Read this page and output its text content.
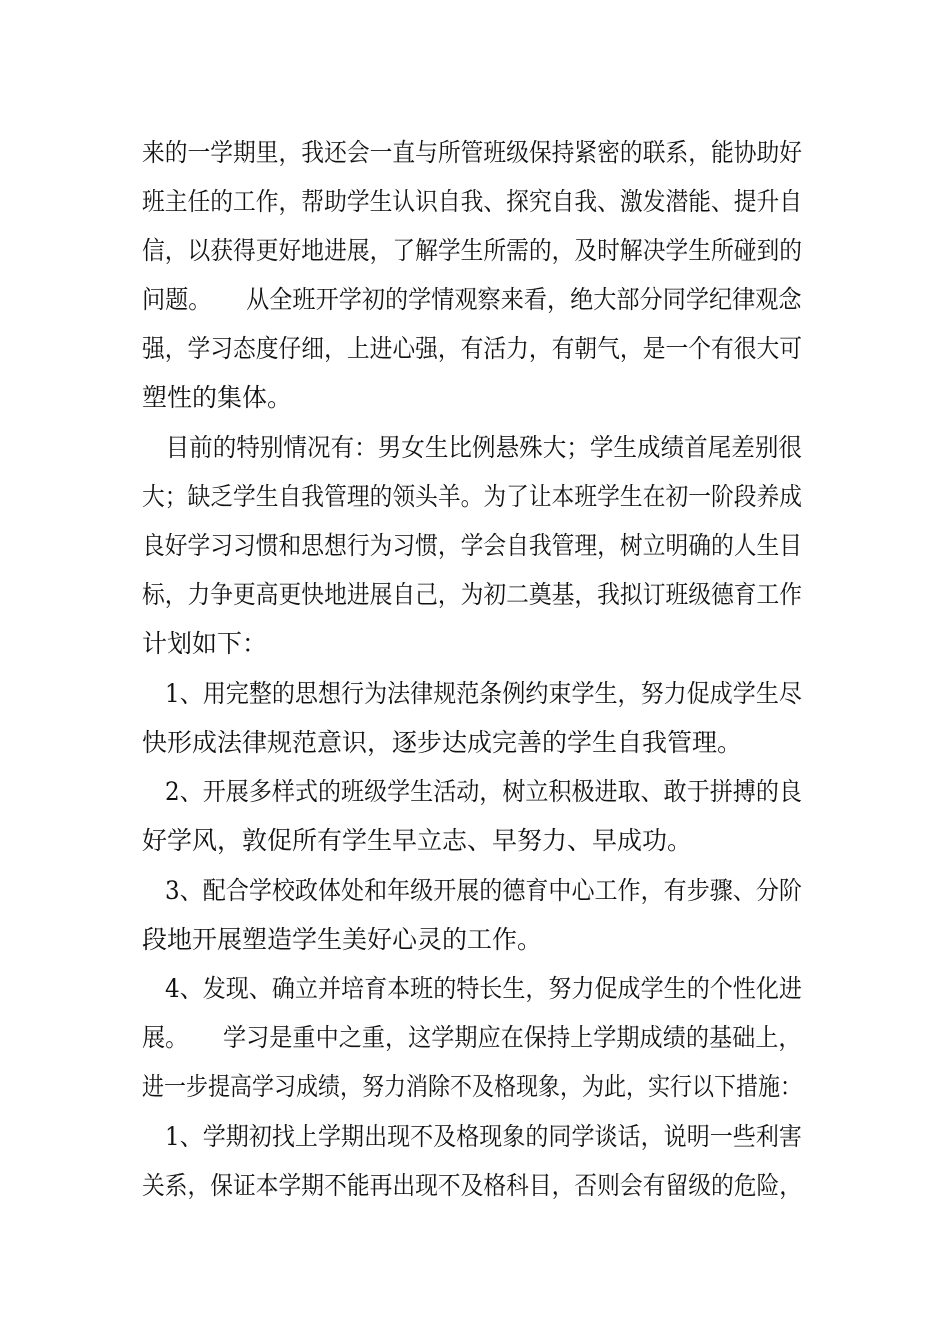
来的一学期里，我还会一直与所管班级保持紧密的联系，能协助好
班主任的工作，帮助学生认识自我、探究自我、激发潜能、提升自
信，以获得更好地进展，了解学生所需的，及时解决学生所碰到的
问题。　　从全班开学初的学情观察来看，绝大部分同学纪律观念
强，学习态度仔细，上进心强，有活力，有朝气，是一个有很大可
塑性的集体。
　目前的特别情况有：男女生比例悬殊大；学生成绩首尾差别很
大；缺乏学生自我管理的领头羊。为了让本班学生在初一阶段养成
良好学习习惯和思想行为习惯，学会自我管理，树立明确的人生目
标，力争更高更快地进展自己，为初二奠基，我拟订班级德育工作
计划如下：
　1、用完整的思想行为法律规范条例约束学生，努力促成学生尽
快形成法律规范意识，逐步达成完善的学生自我管理。
　2、开展多样式的班级学生活动，树立积极进取、敢于拼搏的良
好学风，敦促所有学生早立志、早努力、早成功。
　3、配合学校政体处和年级开展的德育中心工作，有步骤、分阶
段地开展塑造学生美好心灵的工作。
　4、发现、确立并培育本班的特长生，努力促成学生的个性化进
展。　　学习是重中之重，这学期应在保持上学期成绩的基础上，
进一步提高学习成绩，努力消除不及格现象，为此，实行以下措施：
　1、学期初找上学期出现不及格现象的同学谈话，说明一些利害
关系，保证本学期不能再出现不及格科目，否则会有留级的危险，
